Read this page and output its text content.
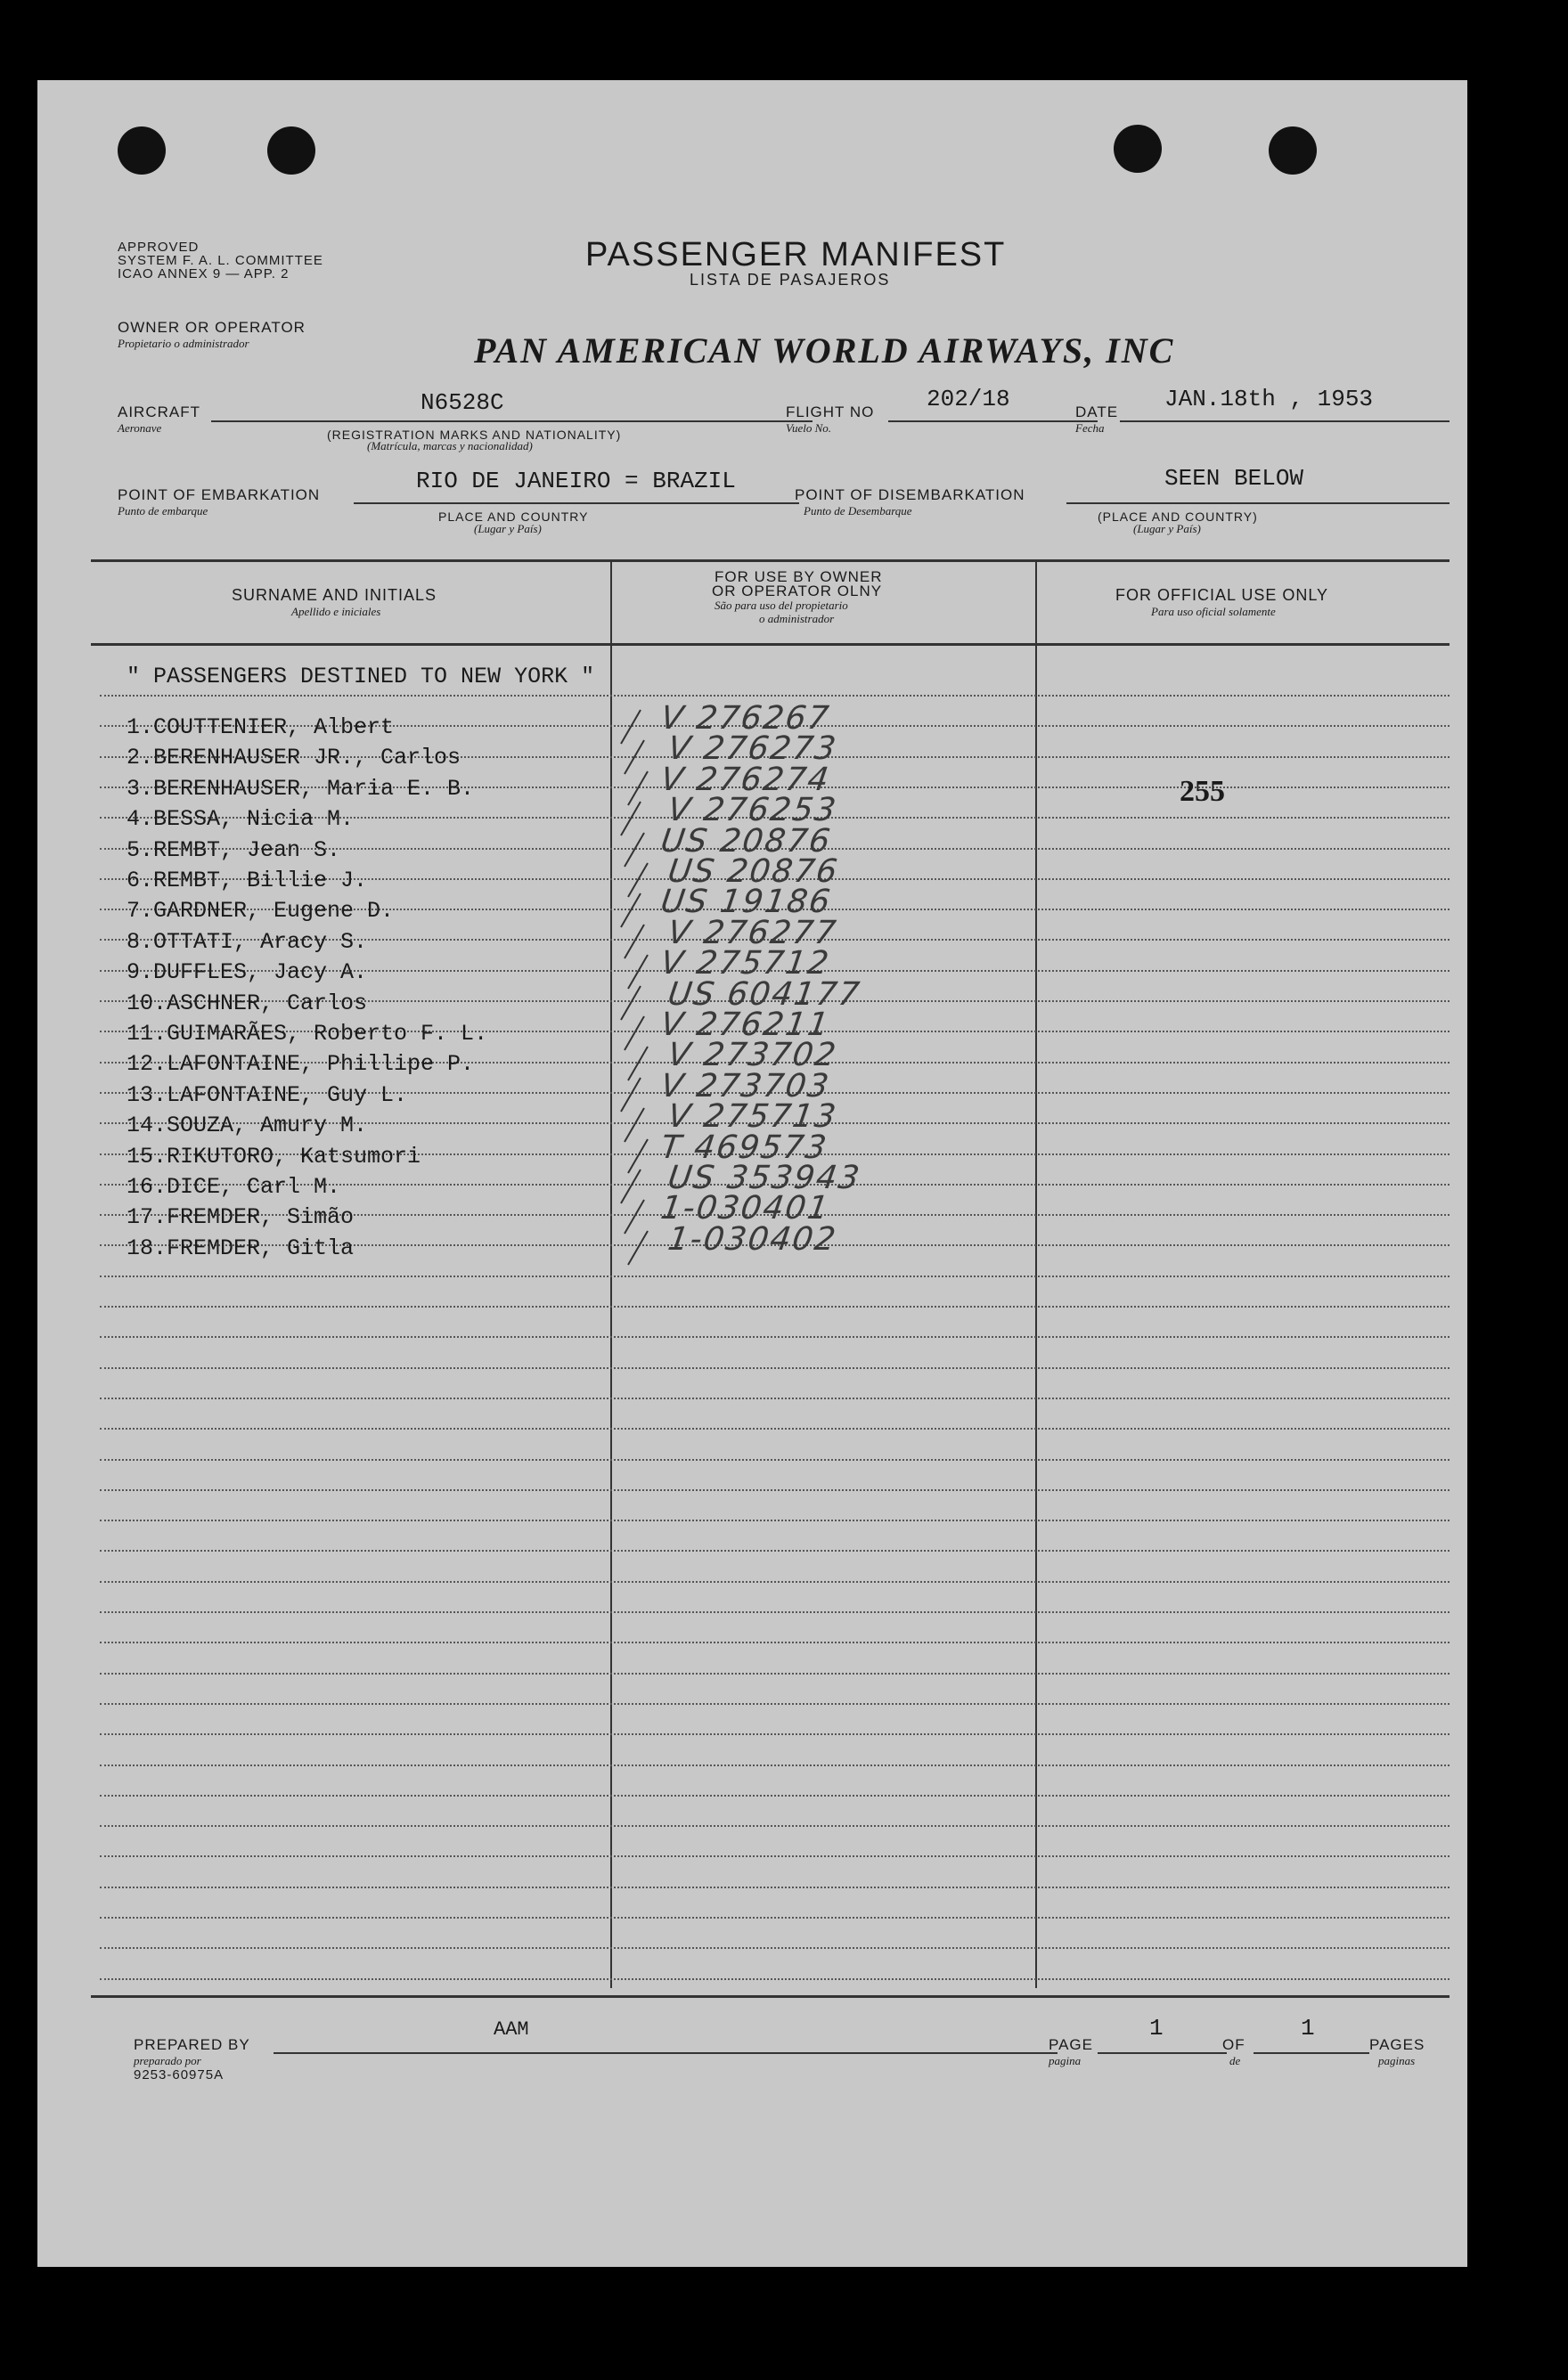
APPROVED
SYSTEM F. A. L. COMMITTEE
ICAO ANNEX 9 — APP. 2
PASSENGER MANIFEST
LISTA DE PASAJEROS
OWNER OR OPERATOR
Propietario o administrador	PAN AMERICAN WORLD AIRWAYS, INC
AIRCRAFT
Aeronave
N6528C
(REGISTRATION MARKS AND NATIONALITY)
(Matrícula, marcas y nacionalidad)
FLIGHT NO
Vuelo No.
202/18	DATE
Fecha
JAN.18th , 1953
POINT OF EMBARKATION
Punto de embarque
RIO DE JANEIRO = BRAZIL
PLACE AND COUNTRY
(Lugar y País)
POINT OF DISEMBARKATION
Punto de Desembarque
SEEN BELOW
(PLACE AND COUNTRY)
(Lugar y País)
SURNAME AND INITIALS
Apellido e iniciales
FOR USE BY OWNER
OR OPERATOR OLNY
São para uso del propietario
o administrador
FOR OFFICIAL USE ONLY
Para uso oficial solamente
" PASSENGERS DESTINED TO NEW YORK "
1.COUTTENIER, Albert	V 276267
2.BERENHAUSER JR., Carlos	V 276273
3.BERENHAUSER, Maria E. B.	V 276274
4.BESSA, Nicia M.	V 276253
5.REMBT, Jean S.	US 20876
6.REMBT, Billie J.	US 20876
7.GARDNER, Eugene D.	US 19186
8.OTTATI, Aracy S.	V 276277
9.DUFFLES, Jacy A.	V 275712
10.ASCHNER, Carlos	US 604177
11.GUIMARÃES, Roberto F. L.	V 276211
12.LAFONTAINE, Phillipe P.	V 273702
13.LAFONTAINE, Guy L.	V 273703
14.SOUZA, Amury M.	V 275713
15.RIKUTORO, Katsumori	T 469573
16.DICE, Carl M.	US 353943
17.FREMDER, Simão	1-030401
18.FREMDER, Gitla	1-030402
255
PREPARED BY
preparado por
9253-60975A
AAM
PAGE
pagina
1
OF
de
1
PAGES
paginas
